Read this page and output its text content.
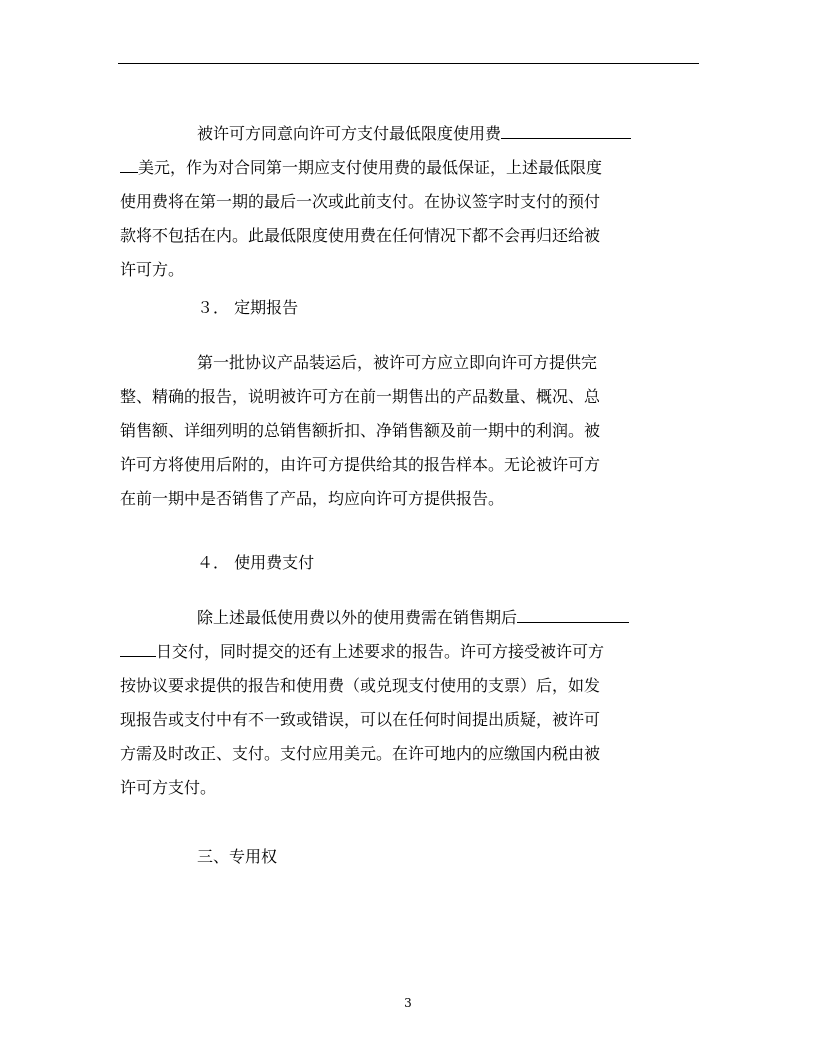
被许可方同意向许可方支付最低限度使用费
美元，作为对合同第一期应支付使用费的最低保证，上述最低限度
使用费将在第一期的最后一次或此前支付。在协议签字时支付的预付
款将不包括在内。此最低限度使用费在任何情况下都不会再归还给被
许可方。

３． 定期报告

第一批协议产品装运后，被许可方应立即向许可方提供完
整、精确的报告，说明被许可方在前一期售出的产品数量、概况、总
销售额、详细列明的总销售额折扣、净销售额及前一期中的利润。被
许可方将使用后附的，由许可方提供给其的报告样本。无论被许可方
在前一期中是否销售了产品，均应向许可方提供报告。

４． 使用费支付

除上述最低使用费以外的使用费需在销售期后
日交付，同时提交的还有上述要求的报告。许可方接受被许可方
按协议要求提供的报告和使用费（或兑现支付使用的支票）后，如发
现报告或支付中有不一致或错误，可以在任何时间提出质疑，被许可
方需及时改正、支付。支付应用美元。在许可地内的应缴国内税由被
许可方支付。

三、专用权

3
